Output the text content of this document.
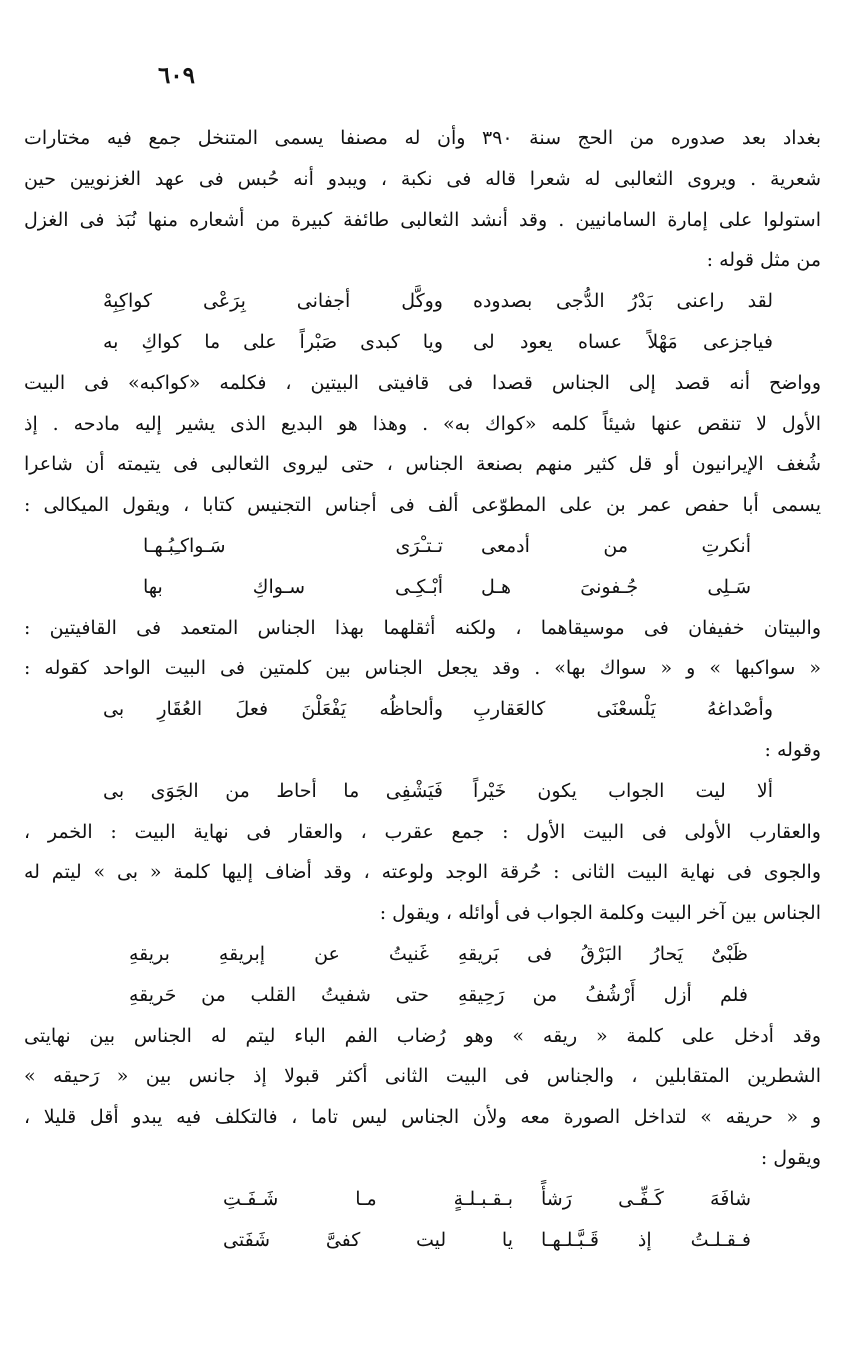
٦٠٩
بغداد بعد صدوره من الحج سنة ٣٩٠ وأن له مصنفا يسمى المتنخل جمع فيه مختارات
شعرية . ويروى الثعالبى له شعرا قاله فى نكبة ، ويبدو أنه حُبس فى عهد الغزنويين حين
استولوا على إمارة السامانيين . وقد أنشد الثعالبى طائفة كبيرة من أشعاره منها نُبَذ فى الغزل
من مثل قوله :
لقد راعنى بَدْرُ الدُّجى بصدوده
ووكَّل أجفانى بِرَعْى كواكِبِهْ
فياجزعى مَهْلاً عساه يعود لى
ويا كبدى صَبْراً على ما كواكِ به
وواضح أنه قصد إلى الجناس قصدا فى قافيتى البيتين ، فكلمه «كواكبه» فى البيت
الأول لا تنقص عنها شيئاً كلمه «كواك به» . وهذا هو البديع الذى يشير إليه مادحه . إذ
شُغف الإيرانيون أو قل كثير منهم بصنعة الجناس ، حتى ليروى الثعالبى فى يتيمته أن شاعرا
يسمى أبا حفص عمر بن على المطوّعى ألف فى أجناس التجنيس كتابا ، ويقول الميكالى :
أنكرتِ من أدمعى
تـتـْرَى سَـواكـِبُـهـا
سَـلِى جُـفونىَ هـل
أبْـكِـى سـواكِ بها
والبيتان خفيفان فى موسيقاهما ، ولكنه أثقلهما بهذا الجناس المتعمد فى القافيتين :
« سواكبها » و « سواك بها» . وقد يجعل الجناس بين كلمتين فى البيت الواحد كقوله :
وأصْداغهُ يَلْسعْنَى كالعَقاربِ
وألحاظُه يَفْعَلْنَ فعلَ العُقَارِ بى
وقوله :
ألا ليت الجواب يكون خَيْراً
فَيَشْفِى ما أحاط من الجَوَى بى
والعقارب الأولى فى البيت الأول : جمع عقرب ، والعقار فى نهاية البيت : الخمر ،
والجوى فى نهاية البيت الثانى : حُرقة الوجد ولوعته ، وقد أضاف إليها كلمة « بى » ليتم له
الجناس بين آخر البيت وكلمة الجواب فى أوائله ، ويقول :
ظَبْىٌ يَحارُ البَرْقُ فى بَريقهِ
غَنيتُ عن إبريقهِ بريقهِ
فلم أزل أَرْشُفُ من رَحِيقهِ
حتى شفيتُ القلب من حَريقهِ
وقد أدخل على كلمة « ريقه » وهو رُضاب الفم الباء ليتم له الجناس بين نهايتى
الشطرين المتقابلين ، والجناس فى البيت الثانى أكثر قبولا إذ جانس بين « رَحيقه »
و « حريقه » لتداخل الصورة معه ولأن الجناس ليس تاما ، فالتكلف فيه يبدو أقل قليلا ،
ويقول :
شافَهَ كَـفِّـى رَشأً
بـقـبـلـةٍ مـا شَـفَـتِ
فـقـلـتُ إذ قَـبَّـلـهـا
يا ليت كفىَّ شَفَتى
